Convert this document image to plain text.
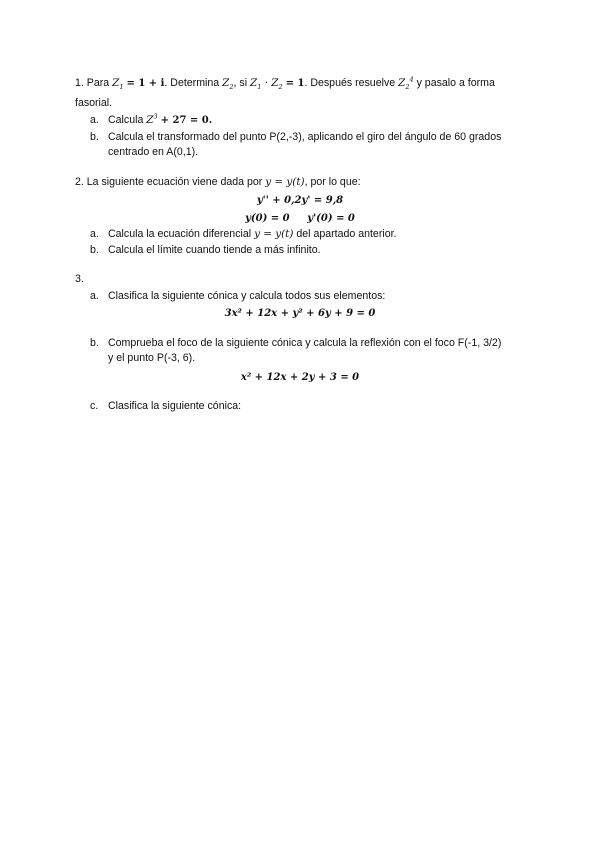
1. Para $Z_1 = 1 + i$. Determina $Z_2$, si $Z_1 \cdot Z_2 = 1$. Después resuelve $Z_2^4$ y pasalo a forma
fasorial.
a. Calcula $Z^3 + 27 = 0$.
b. Calcula el transformado del punto P(2,-3), aplicando el giro del ángulo de 60 grados
centrado en A(0,1).
2. La siguiente ecuación viene dada por y = y(t), por lo que:
y'' + 0,2y' = 9,8
y(0) = 0 y'(0) = 0
a. Calcula la ecuación diferencial y = y(t) del apartado anterior.
b. Calcula el límite cuando tiende a más infinito.
3.
a. Clasifica la siguiente cónica y calcula todos sus elementos:
3x² + 12x + y² + 6y + 9 = 0
b. Comprueba el foco de la siguiente cónica y calcula la reflexión con el foco F(-1, 3/2)
y el punto P(-3, 6).
x² + 12x + 2y + 3 = 0
c. Clasifica la siguiente cónica:
